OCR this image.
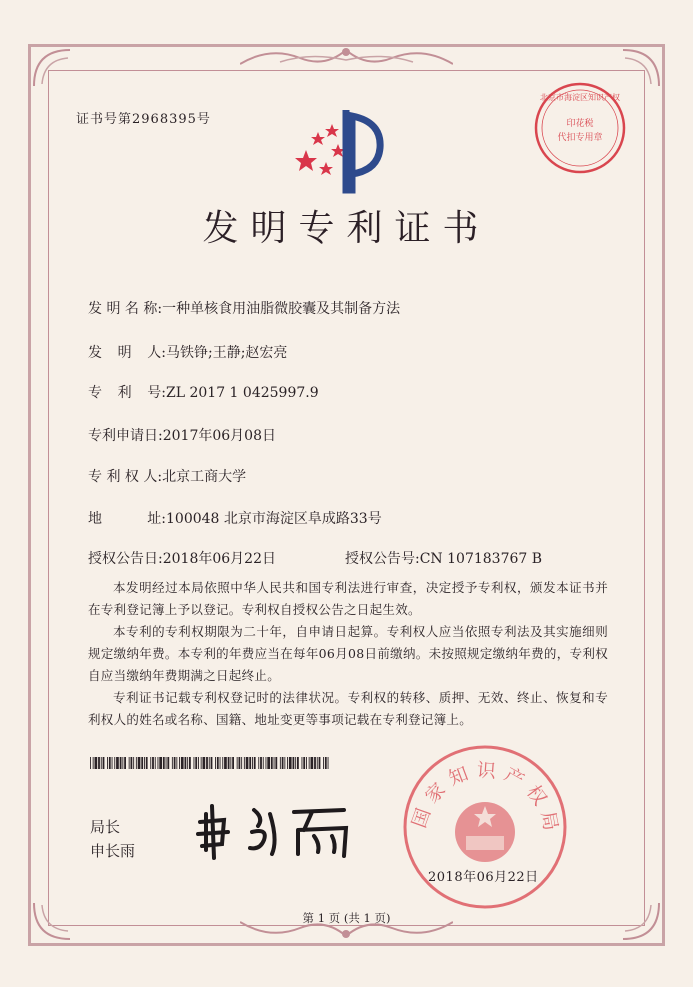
证书号第2968395号
发明专利证书
北京市海淀区知识产权
印花税
代扣专用章
发 明 名 称:一种单核食用油脂微胶囊及其制备方法
发 明 人: 马铁铮;王静;赵宏亮
专 利 号: ZL 2017 1 0425997.9
专利申请日:2017年06月08日
专 利 权 人:北京工商大学
地	址: 100048 北京市海淀区阜成路33号
授权公告日:2018年06月22日	授权公告号:CN 107183767 B

本发明经过本局依照中华人民共和国专利法进行审查，决定授予专利权，颁发本证书并在专利登记簿上予以登记。专利权自授权公告之日起生效。

本专利的专利权期限为二十年，自申请日起算。专利权人应当依照专利法及其实施细则规定缴纳年费。本专利的年费应当在每年06月08日前缴纳。未按照规定缴纳年费的，专利权自应当缴纳年费期满之日起终止。

专利证书记载专利权登记时的法律状况。专利权的转移、质押、无效、终止、恢复和专利权人的姓名或名称、国籍、地址变更等事项记载在专利登记簿上。

局长
申长雨
国家知识产权局
2018年06月22日
第 1 页 (共 1 页)
